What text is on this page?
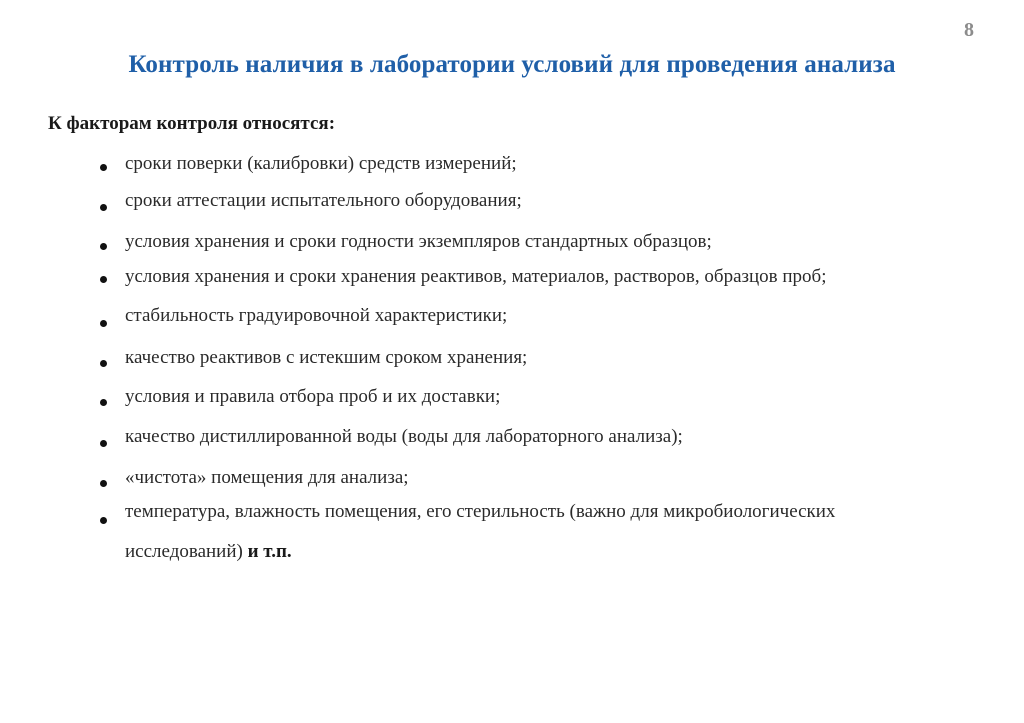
8
Контроль наличия в лаборатории условий для проведения анализа
К факторам контроля относятся:
сроки поверки (калибровки) средств измерений;
сроки аттестации испытательного оборудования;
условия хранения и сроки годности экземпляров стандартных образцов;
условия хранения и сроки хранения реактивов, материалов, растворов, образцов проб;
стабильность градуировочной характеристики;
качество реактивов с истекшим сроком хранения;
условия и правила отбора проб и их доставки;
качество дистиллированной воды (воды для лабораторного анализа);
«чистота» помещения для анализа;
температура, влажность помещения, его стерильность (важно для микробиологических
исследований) и т.п.
